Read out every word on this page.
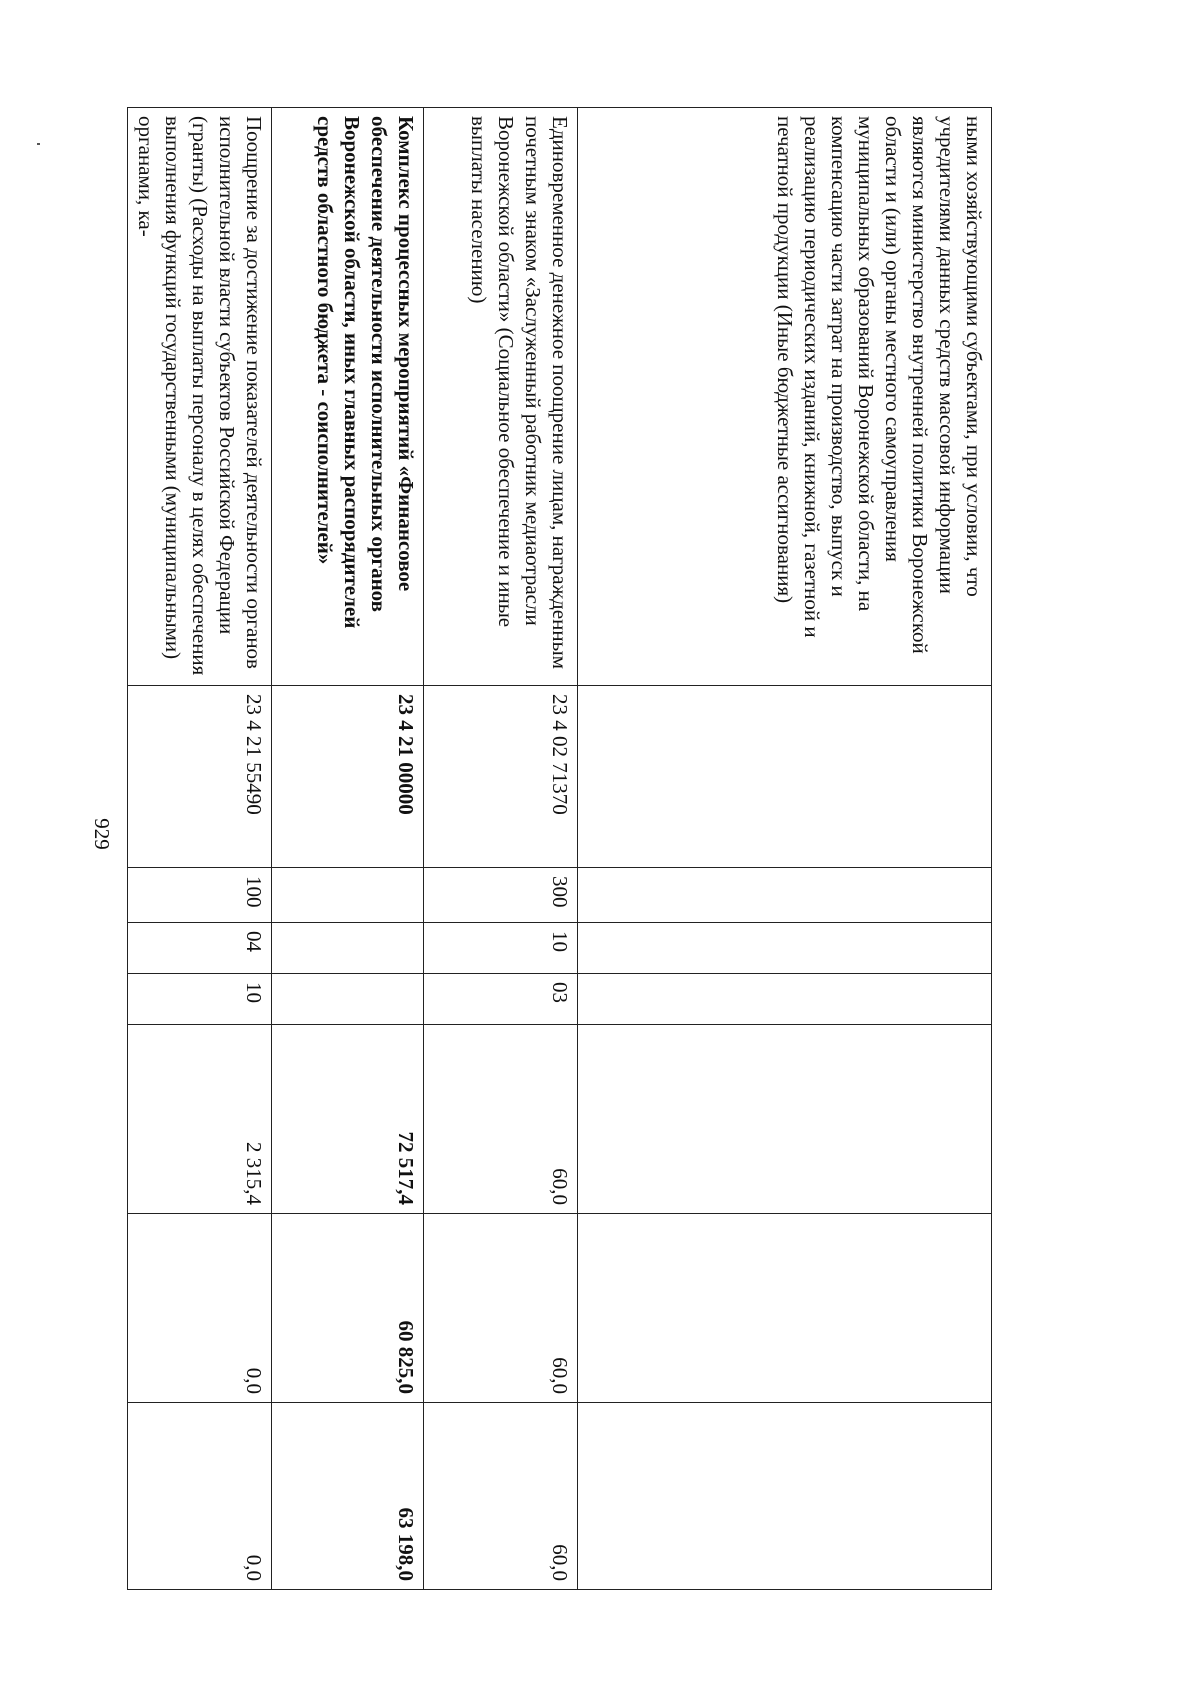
929
ными хозяйствующими субъектами, при условии, что учредителями данных средств массовой информации являются министерство внутренней политики Воронежской области и (или) органы местного самоуправления муниципальных образований Воронежской области, на компенсацию части затрат на производство, выпуск и реализацию периодических изданий, книжной, газетной и печатной продукции (Иные бюджетные ассигнования)							
Единовременное денежное поощрение лицам, награжденным почетным знаком «Заслуженный работник медиаотрасли Воронежской области» (Социальное обеспечение и иные выплаты населению)	23 4 02 71370	300	10	03	60,0	60,0	60,0
Комплекс процессных мероприятий «Финансовое обеспечение деятельности исполнительных органов Воронежской области, иных главных распорядителей средств областного бюджета - соисполнителей»	23 4 21 00000				72 517,4	60 825,0	63 198,0
Поощрение за достижение показателей деятельности органов исполнительной власти субъектов Российской Федерации (гранты) (Расходы на выплаты персоналу в целях обеспечения выполнения функций государственными (муниципальными) органами, ка-	23 4 21 55490	100	04	10	2 315,4	0,0	0,0
